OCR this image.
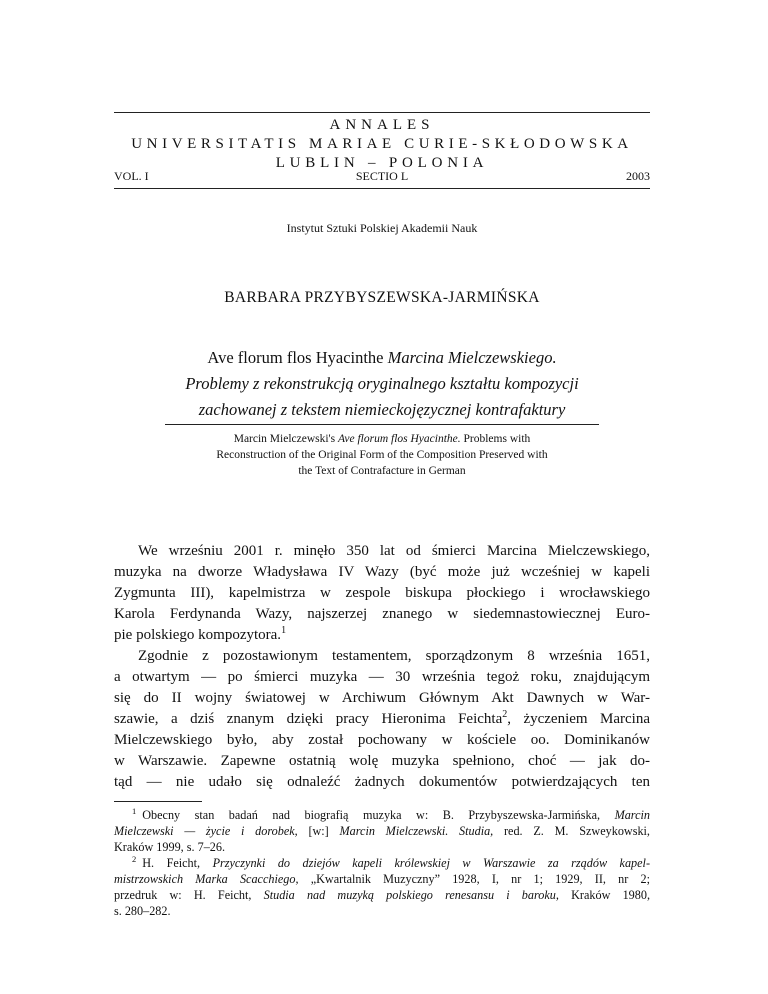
ANNALES
UNIVERSITATIS MARIAE CURIE-SKŁODOWSKA
LUBLIN – POLONIA
VOL. I	SECTIO L	2003
Instytut Sztuki Polskiej Akademii Nauk
BARBARA PRZYBYSZEWSKA-JARMIŃSKA
Ave florum flos Hyacinthe Marcina Mielczewskiego.
Problemy z rekonstrukcją oryginalnego kształtu kompozycji
zachowanej z tekstem niemieckojęzycznej kontrafaktury
Marcin Mielczewski's Ave florum flos Hyacinthe. Problems with
Reconstruction of the Original Form of the Composition Preserved with
the Text of Contrafacture in German
We wrześniu 2001 r. minęło 350 lat od śmierci Marcina Mielczewskiego,
muzyka na dworze Władysława IV Wazy (być może już wcześniej w kapeli
Zygmunta III), kapelmistrza w zespole biskupa płockiego i wrocławskiego
Karola Ferdynanda Wazy, najszerzej znanego w siedemnastowiecznej Euro-
pie polskiego kompozytora.$^1$
Zgodnie z pozostawionym testamentem, sporządzonym 8 września 1651,
a otwartym — po śmierci muzyka — 30 września tegoż roku, znajdującym
się do II wojny światowej w Archiwum Głównym Akt Dawnych w War-
szawie, a dziś znanym dzięki pracy Hieronima Feichta$^2$, życzeniem Marcina
Mielczewskiego było, aby został pochowany w kościele oo. Dominikanów
w Warszawie. Zapewne ostatnią wolę muzyka spełniono, choć — jak do-
tąd — nie udało się odnaleźć żadnych dokumentów potwierdzających ten
$^1$ Obecny stan badań nad biografią muzyka w: B. Przybyszewska-Jarmińska, Marcin
Mielczewski — życie i dorobek, [w:] Marcin Mielczewski. Studia, red. Z. M. Szweykowski,
Kraków 1999, s. 7–26.
$^2$ H. Feicht, Przyczynki do dziejów kapeli królewskiej w Warszawie za rządów kapel-
mistrzowskich Marka Scacchiego, „Kwartalnik Muzyczny” 1928, I, nr 1; 1929, II, nr 2;
przedruk w: H. Feicht, Studia nad muzyką polskiego renesansu i baroku, Kraków 1980,
s. 280–282.
